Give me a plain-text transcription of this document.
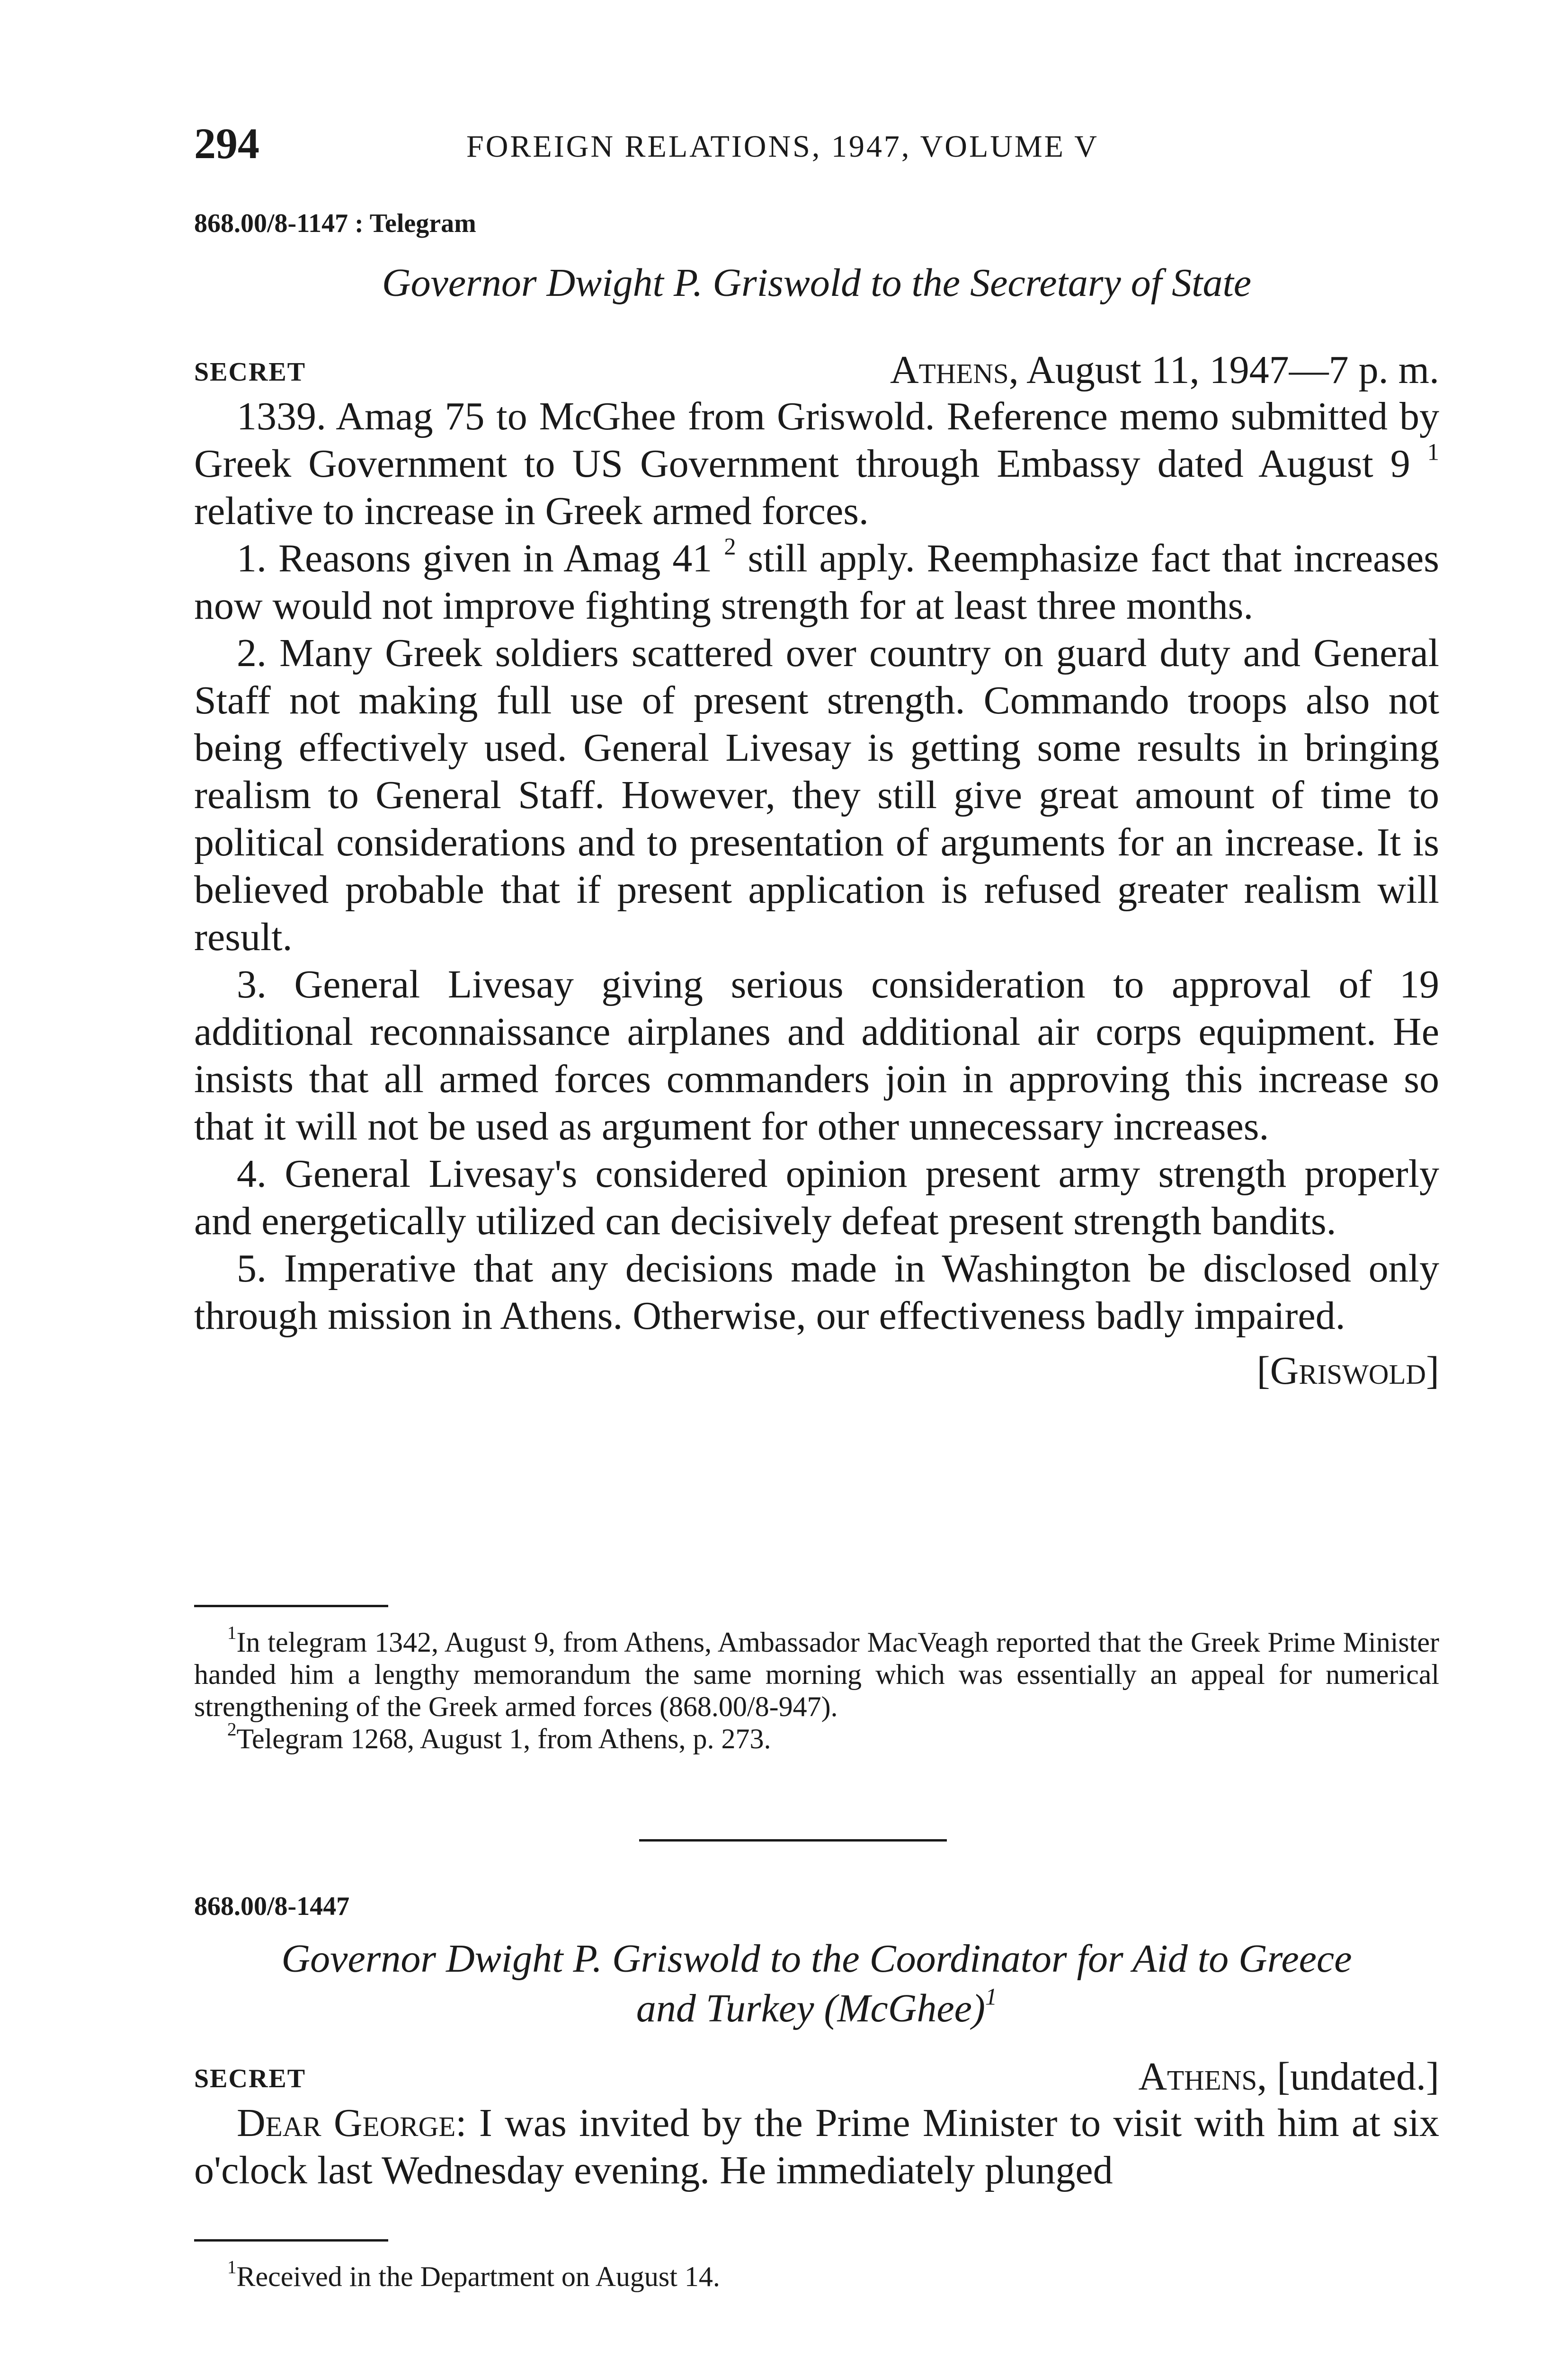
294	FOREIGN RELATIONS, 1947, VOLUME V
868.00/8-1147 : Telegram

Governor Dwight P. Griswold to the Secretary of State

SECRET	Athens, August 11, 1947—7 p. m.

1339. Amag 75 to McGhee from Griswold. Reference memo submitted by Greek Government to US Government through Embassy dated August 9 $^1$ relative to increase in Greek armed forces.

1. Reasons given in Amag 41 $^2$ still apply. Reemphasize fact that increases now would not improve fighting strength for at least three months.

2. Many Greek soldiers scattered over country on guard duty and General Staff not making full use of present strength. Commando troops also not being effectively used. General Livesay is getting some results in bringing realism to General Staff. However, they still give great amount of time to political considerations and to presentation of arguments for an increase. It is believed probable that if present application is refused greater realism will result.

3. General Livesay giving serious consideration to approval of 19 additional reconnaissance airplanes and additional air corps equipment. He insists that all armed forces commanders join in approving this increase so that it will not be used as argument for other unnecessary increases.

4. General Livesay's considered opinion present army strength properly and energetically utilized can decisively defeat present strength bandits.

5. Imperative that any decisions made in Washington be disclosed only through mission in Athens. Otherwise, our effectiveness badly impaired.

[Griswold]

$^1$In telegram 1342, August 9, from Athens, Ambassador MacVeagh reported that the Greek Prime Minister handed him a lengthy memorandum the same morning which was essentially an appeal for numerical strengthening of the Greek armed forces (868.00/8-947).

$^2$Telegram 1268, August 1, from Athens, p. 273.

868.00/8-1447

Governor Dwight P. Griswold to the Coordinator for Aid to Greece

and Turkey (McGhee)$^1$

SECRET	Athens, [undated.]

Dear George: I was invited by the Prime Minister to visit with him at six o'clock last Wednesday evening. He immediately plunged

$^1$Received in the Department on August 14.
